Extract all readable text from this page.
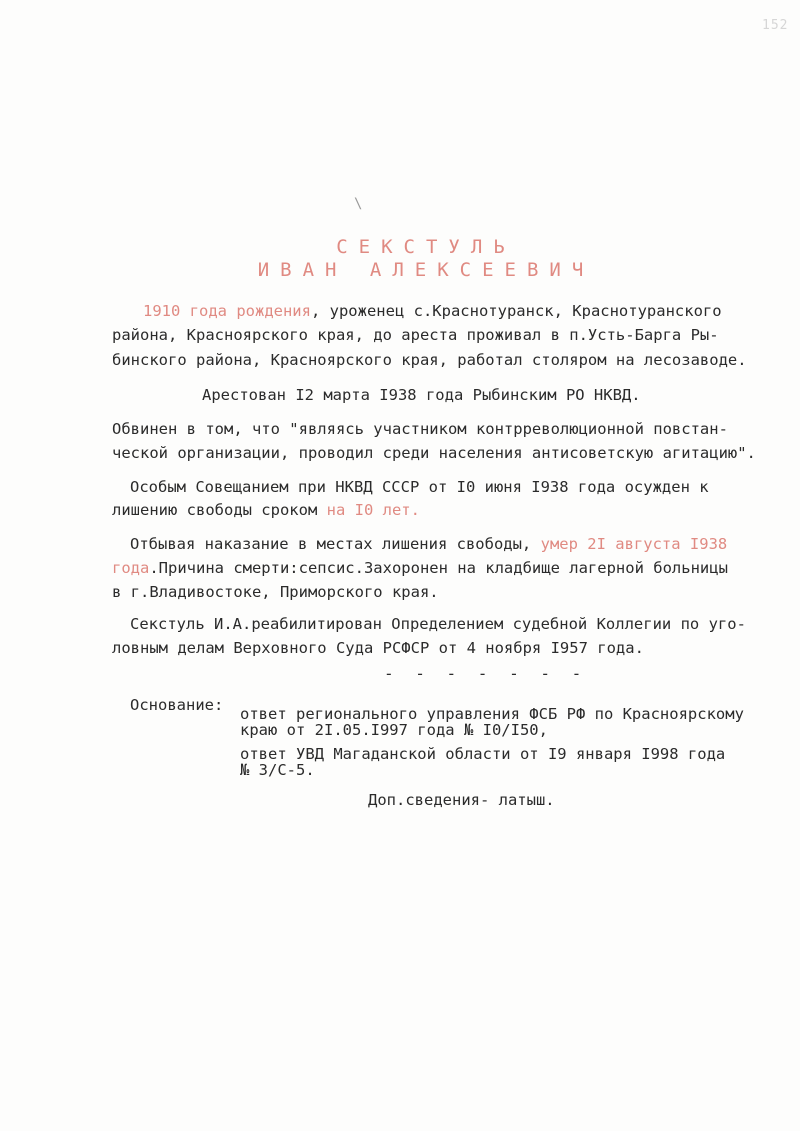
152
\
СЕКСТУЛЬ
ИВАН АЛЕКСЕЕВИЧ
1910 года рождения, уроженец с.Краснотуранск, Краснотуранского
района, Красноярского края, до ареста проживал в п.Усть-Барга Ры-
бинского района, Красноярского края, работал столяром на лесозаводе.
Арестован I2 марта I938 года Рыбинским РО НКВД.
Обвинен в том, что "являясь участником контрреволюционной повстан-
ческой организации, проводил среди населения антисоветскую агитацию".
Особым Совещанием при НКВД СССР от I0 июня I938 года осужден к
лишению свободы сроком на I0 лет.
Отбывая наказание в местах лишения свободы, умер 2I августа I938
года.Причина смерти:сепсис.Захоронен на кладбище лагерной больницы
в г.Владивостоке, Приморского края.
Секстуль И.А.реабилитирован Определением судебной Коллегии по уго-
ловным делам Верховного Суда РСФСР от 4 ноября I957 года.
- - - - - - -
Основание: ответ регионального управления ФСБ РФ по Красноярскому
краю от 2I.05.I997 года № I0/I50,
ответ УВД Магаданской области от I9 января I998 года
№ 3/С-5.
Доп.сведения- латыш.
